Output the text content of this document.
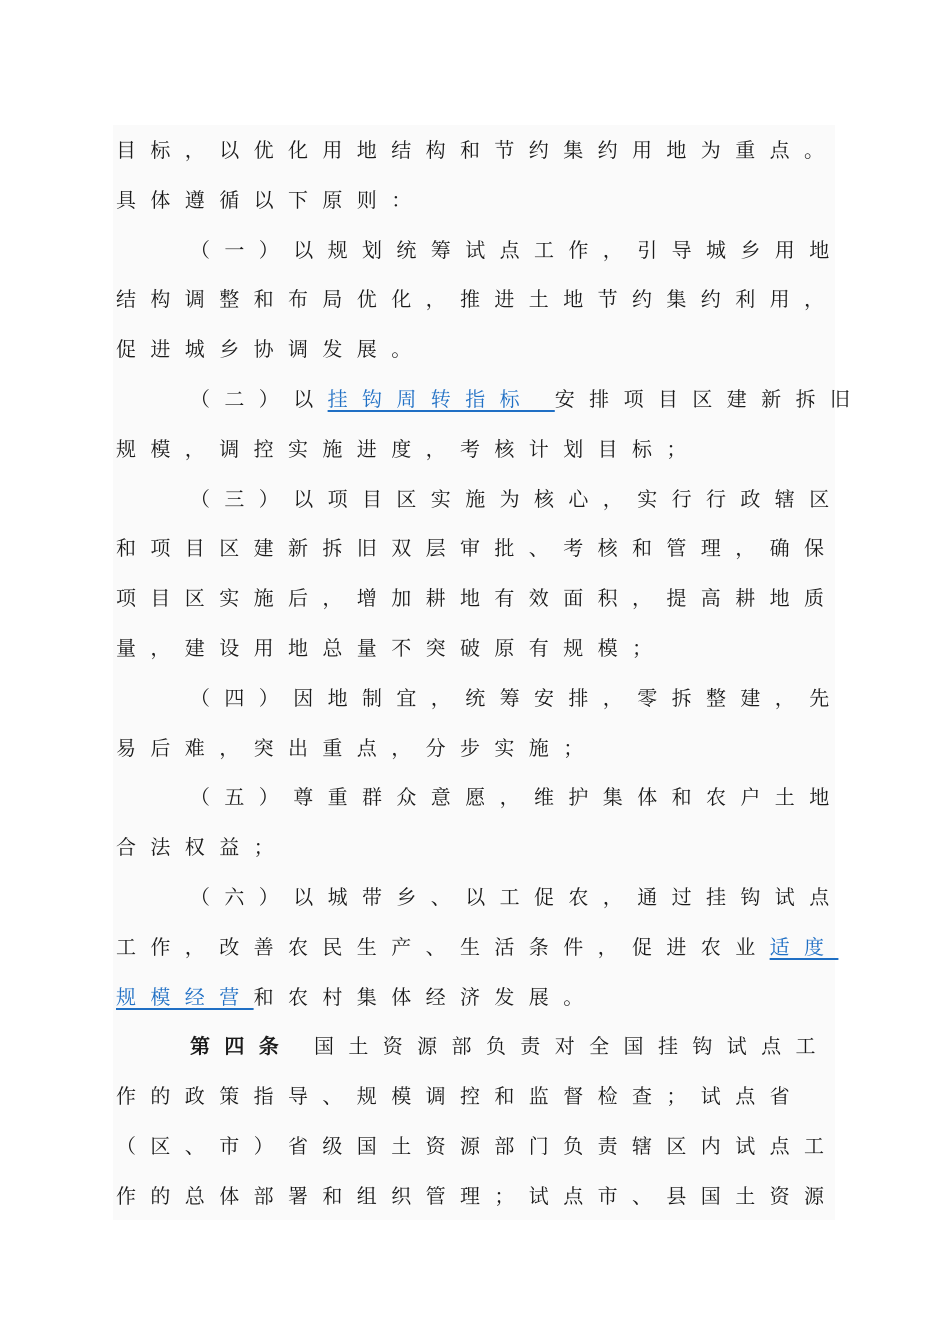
目标，以优化用地结构和节约集约用地为重点。
具体遵循以下原则：
（一）以规划统筹试点工作，引导城乡用地
结构调整和布局优化，推进土地节约集约利用，
促进城乡协调发展。
（二）以挂钩周转指标 安排项目区建新拆旧
规模，调控实施进度，考核计划目标；
（三）以项目区实施为核心，实行行政辖区
和项目区建新拆旧双层审批、考核和管理，确保
项目区实施后，增加耕地有效面积，提高耕地质
量，建设用地总量不突破原有规模；
（四）因地制宜，统筹安排，零拆整建，先
易后难，突出重点，分步实施；
（五）尊重群众意愿，维护集体和农户土地
合法权益；
（六）以城带乡、以工促农，通过挂钩试点
工作，改善农民生产、生活条件，促进农业适度
规模经营和农村集体经济发展。
第四条 国土资源部负责对全国挂钩试点工
作的政策指导、规模调控和监督检查；试点省
（区、市）省级国土资源部门负责辖区内试点工
作的总体部署和组织管理；试点市、县国土资源
